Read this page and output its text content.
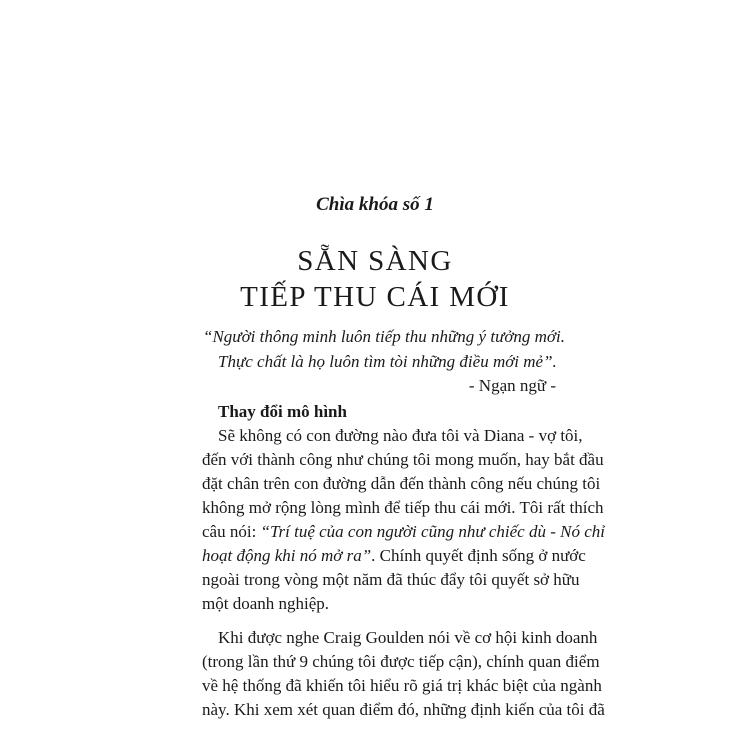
Chìa khóa số 1
SẴN SÀNG
TIẾP THU CÁI MỚI
“Người thông minh luôn tiếp thu những ý tưởng mới.
Thực chất là họ luôn tìm tòi những điều mới mẻ”.
- Ngạn ngữ -
Thay đổi mô hình
Sẽ không có con đường nào đưa tôi và Diana - vợ tôi,
đến với thành công như chúng tôi mong muốn, hay bắt đầu
đặt chân trên con đường dẫn đến thành công nếu chúng tôi
không mở rộng lòng mình để tiếp thu cái mới. Tôi rất thích
câu nói: “Trí tuệ của con người cũng như chiếc dù - Nó chỉ
hoạt động khi nó mở ra”. Chính quyết định sống ở nước
ngoài trong vòng một năm đã thúc đẩy tôi quyết sở hữu
một doanh nghiệp.
Khi được nghe Craig Goulden nói về cơ hội kinh doanh
(trong lần thứ 9 chúng tôi được tiếp cận), chính quan điểm
về hệ thống đã khiến tôi hiểu rõ giá trị khác biệt của ngành
này. Khi xem xét quan điểm đó, những định kiến của tôi đã
